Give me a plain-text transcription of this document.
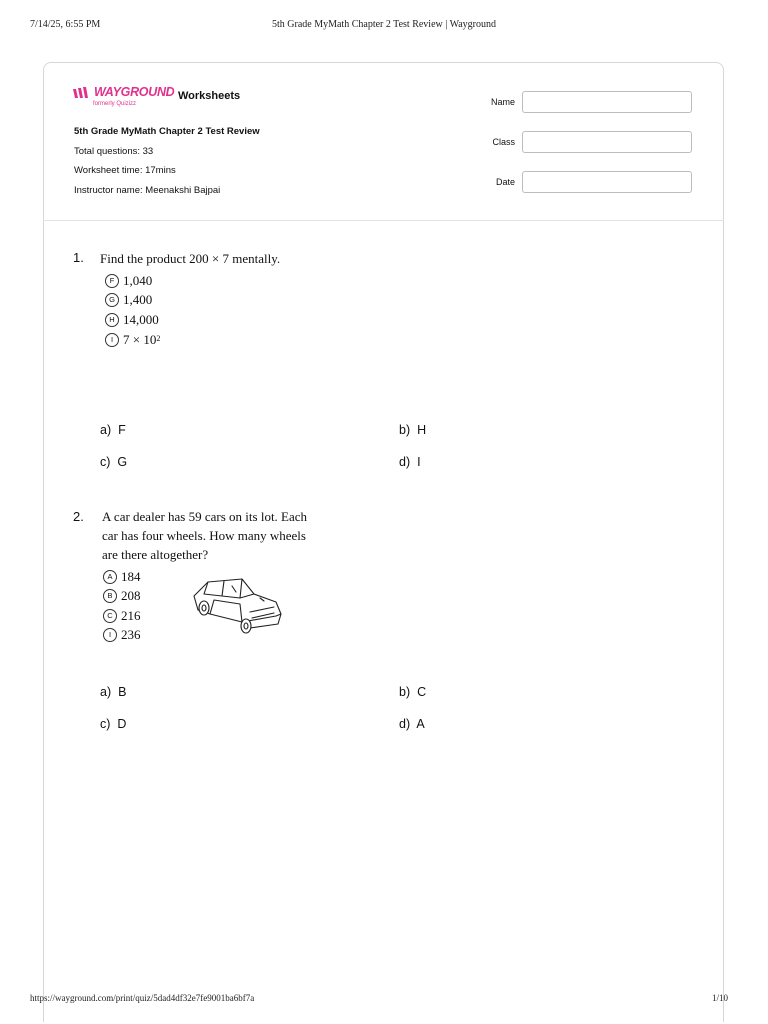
7/14/25, 6:55 PM	5th Grade MyMath Chapter 2 Test Review | Wayground
WAYGROUND
formerly Quizizz
Worksheets
5th Grade MyMath Chapter 2 Test Review
Total questions: 33
Worksheet time: 17mins
Instructor name: Meenakshi Bajpai
Name
Class
Date
1. Find the product 200 × 7 mentally.
F 1,040
G 1,400
H 14,000
I $7 \times 10^2$
a) F	b) H
c) G	d) I
2. A car dealer has 59 cars on its lot. Each
car has four wheels. How many wheels
are there altogether?
A 184
B 208
C 216
I 236
a) B	b) C
c) D	d) A
https://wayground.com/print/quiz/5dad4df32e7fe9001ba6bf7a	1/10
